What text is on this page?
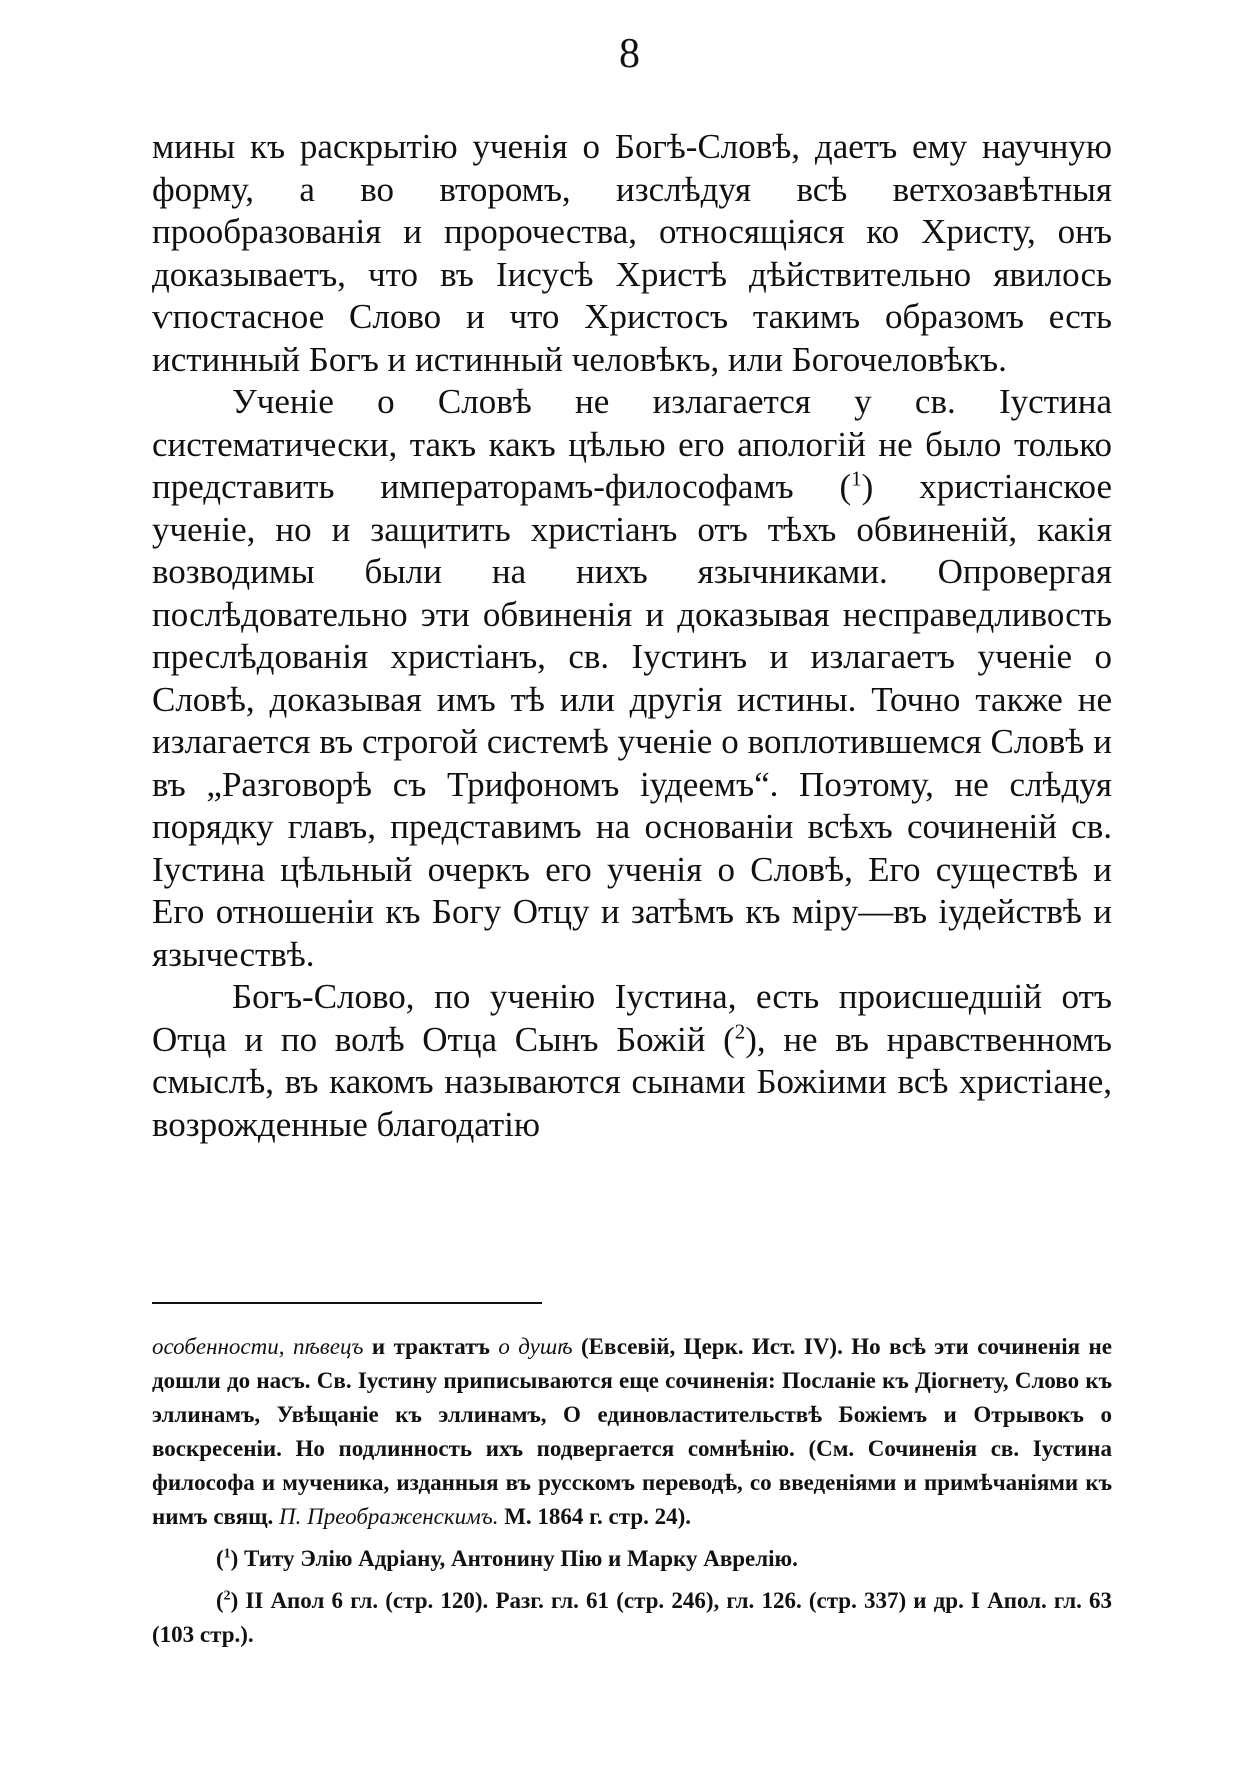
8

мины къ раскрытію ученія о Богѣ-Словѣ, даетъ ему научную форму, а во второмъ, изслѣдуя всѣ ветхозавѣтныя прообразованія и пророчества, относящіяся ко Христу, онъ доказываетъ, что въ Іисусѣ Христѣ дѣйствительно явилось ѵпостасное Слово и что Христосъ такимъ образомъ есть истинный Богъ и истинный человѣкъ, или Богочеловѣкъ.

Ученіе о Словѣ не излагается у св. Іустина систематически, такъ какъ цѣлью его апологій не было только представить императорамъ-философамъ ($^1$) христіанское ученіе, но и защитить христіанъ отъ тѣхъ обвиненій, какія возводимы были на нихъ язычниками. Опровергая послѣдовательно эти обвиненія и доказывая несправедливость преслѣдованія христіанъ, св. Іустинъ и излагаетъ ученіе о Словѣ, доказывая имъ тѣ или другія истины. Точно также не излагается въ строгой системѣ ученіе о воплотившемся Словѣ и въ „Разговорѣ съ Трифономъ іудеемъ“. Поэтому, не слѣдуя порядку главъ, представимъ на основаніи всѣхъ сочиненій св. Іустина цѣльный очеркъ его ученія о Словѣ, Его существѣ и Его отношеніи къ Богу Отцу и затѣмъ къ міру—въ іудействѣ и язычествѣ.

Богъ-Слово, по ученію Іустина, есть происшедшій отъ Отца и по волѣ Отца Сынъ Божій ($^2$), не въ нравственномъ смыслѣ, въ какомъ называются сынами Божіими всѣ христіане, возрожденные благодатію

особенности, пѣвецъ и трактатъ о душѣ (Евсевій, Церк. Ист. IV). Но всѣ эти сочиненія не дошли до насъ. Св. Іустину приписываются еще сочиненія: Посланіе къ Діогнету, Слово къ эллинамъ, Увѣщаніе къ эллинамъ, О единовластительствѣ Божіемъ и Отрывокъ о воскресеніи. Но подлинность ихъ подвергается сомнѣнію. (См. Сочиненія св. Іустина философа и мученика, изданныя въ русскомъ переводѣ, со введеніями и примѣчаніями къ нимъ свящ. П. Преображенскимъ. М. 1864 г. стр. 24).

($^1$) Титу Элію Адріану, Антонину Пію и Марку Аврелію.

($^2$) II Апол 6 гл. (стр. 120). Разг. гл. 61 (стр. 246), гл. 126. (стр. 337) и др. I Апол. гл. 63 (103 стр.).
